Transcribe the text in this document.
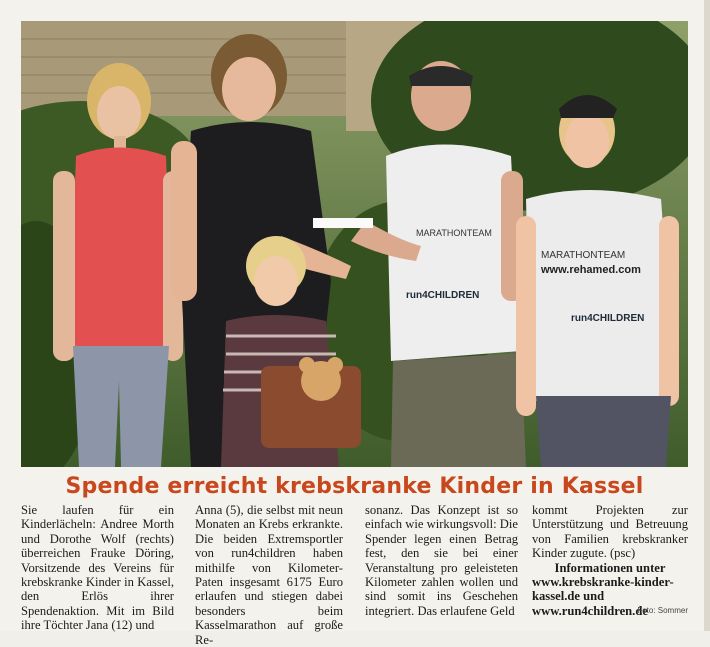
MARATHONTEAM
run4CHILDREN
MARATHONTEAM
www.rehamed.com
run4CHILDREN
Spende erreicht krebskranke Kinder in Kassel
Sie laufen für ein Kinderlächeln: Andree Morth und Dorothe Wolf (rechts) überreichen Frauke Döring, Vorsitzende des Vereins für krebskranke Kinder in Kassel, den Erlös ihrer Spendenaktion. Mit im Bild ihre Töchter Jana (12) und
Anna (5), die selbst mit neun Monaten an Krebs erkrankte. Die beiden Extremsportler von run4children haben mithilfe von Kilometer-Paten insgesamt 6175 Euro erlaufen und stiegen dabei besonders beim Kasselmarathon auf große Re-
sonanz. Das Konzept ist so einfach wie wirkungsvoll: Die Spender legen einen Betrag fest, den sie bei einer Veranstaltung pro geleisteten Kilometer zahlen wollen und sind somit ins Geschehen integriert. Das erlaufene Geld
kommt Projekten zur Unterstützung und Betreuung von Familien krebskranker Kinder zugute. (psc)
Informationen unter
www.krebskranke-kinder-kassel.de und www.run4children.de
Foto: Sommer
